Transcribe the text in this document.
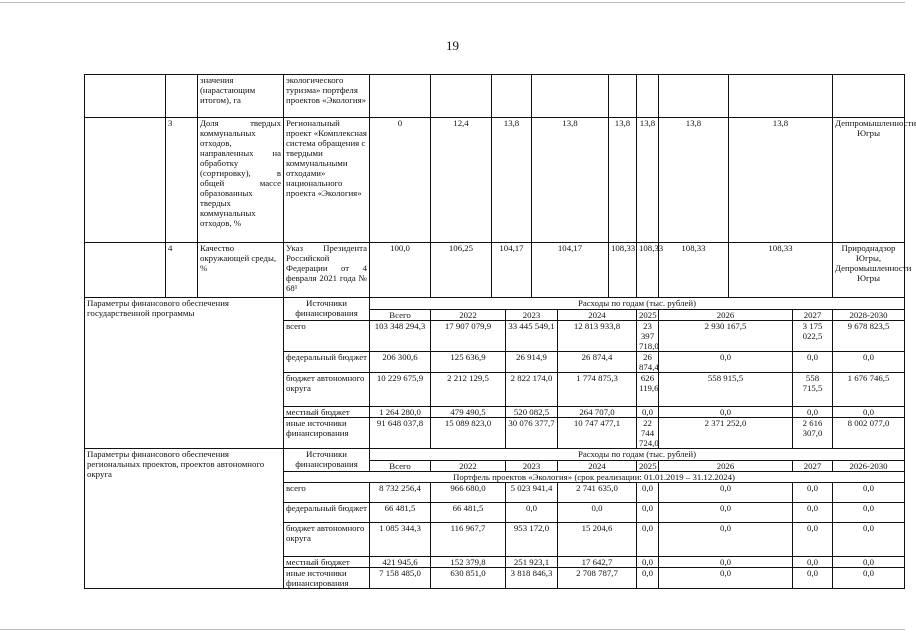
19
		значения (нарастающим итогом), га	экологического туризма» портфеля проектов «Экология»												
	3	Доля твердых коммунальных отходов, направленных на обработку (сортировку), в общей массе образованных твердых коммунальных отходов, %	Региональный проект «Комплексная система обращения с твердыми коммунальными отходами» национального проекта «Экология»	0	12,4	13,8		13,8		13,8	13,8	13,8	13,8		Деппромышленности Югры
	4	Качество окружающей среды, %	Указ Президента Российской Федерации от 4 февраля 2021 года № 68¹	100,0	106,25	104,17		104,17		108,33	108,33	108,33	108,33		Природнадзор Югры, Депромышленности Югры
Параметры финансового обеспечения государственной программы			Источники финансирования	Расходы по годам (тыс. рублей)											
				Всего	2022		2023		2024		2025	2026		2027	2028-2030
			всего	103 348 294,3	17 907 079,9		33 445 549,1		12 813 933,8		23 397 718,0	2 930 167,5		3 175 022,5	9 678 823,5
			федеральный бюджет	206 300,6	125 636,9		26 914,9		26 874,4		26 874,4	0,0		0,0	0,0
			бюджет автономного округа	10 229 675,9	2 212 129,5		2 822 174,0		1 774 875,3		626 119,6	558 915,5		558 715,5	1 676 746,5
			местный бюджет	1 264 280,0	479 490,5		520 082,5		264 707,0		0,0	0,0		0,0	0,0
			иные источники финансирования	91 648 037,8	15 089 823,0		30 076 377,7		10 747 477,1		22 744 724,0	2 371 252,0		2 616 307,0	8 002 077,0
Параметры финансового обеспечения региональных проектов, проектов автономного округа			Источники финансирования	Расходы по годам (тыс. рублей)											
				Всего	2022		2023		2024		2025	2026		2027	2026-2030
			Портфель проектов «Экология» (срок реализации: 01.01.2019 – 31.12.2024)												
			всего	8 732 256,4	966 680,0		5 023 941,4		2 741 635,0		0,0	0,0		0,0	0,0
			федеральный бюджет	66 481,5	66 481,5		0,0		0,0		0,0	0,0		0,0	0,0
			бюджет автономного округа	1 085 344,3	116 967,7		953 172,0		15 204,6		0,0	0,0		0,0	0,0
			местный бюджет	421 945,6	152 379,8		251 923,1		17 642,7		0,0	0,0		0,0	0,0
			иные источники финансирования	7 158 485,0	630 851,0		3 818 846,3		2 708 787,7		0,0	0,0		0,0	0,0
